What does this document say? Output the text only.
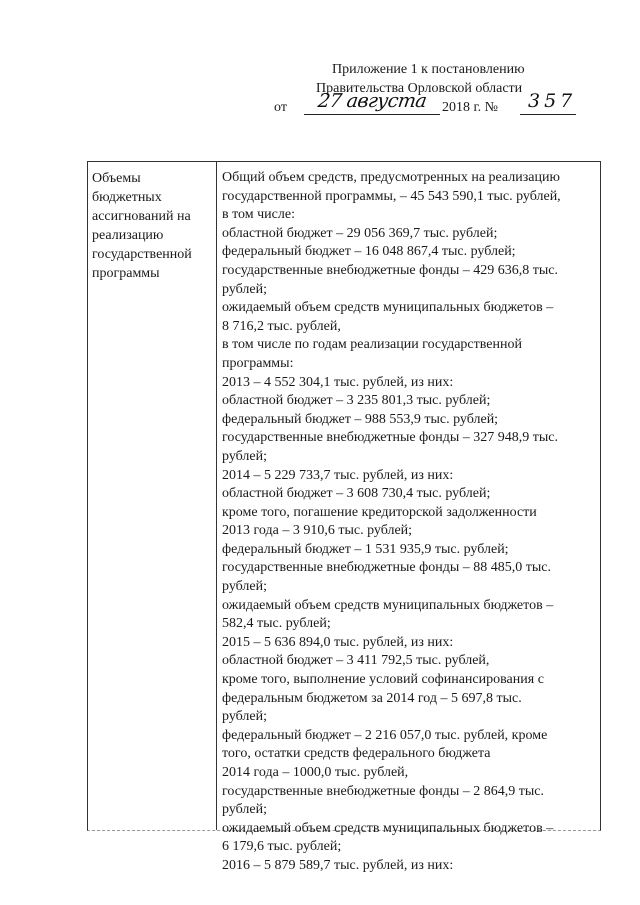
Приложение 1 к постановлению
Правительства Орловской области
от 27 августа 2018 г. № 357
Объемы
бюджетных
ассигнований на
реализацию
государственной
программы
Общий объем средств, предусмотренных на реализацию
государственной программы, – 45 543 590,1 тыс. рублей,
в том числе:
областной бюджет – 29 056 369,7 тыс. рублей;
федеральный бюджет – 16 048 867,4 тыс. рублей;
государственные внебюджетные фонды – 429 636,8 тыс.
рублей;
ожидаемый объем средств муниципальных бюджетов –
8 716,2 тыс. рублей,
в том числе по годам реализации государственной
программы:
2013 – 4 552 304,1 тыс. рублей, из них:
областной бюджет – 3 235 801,3 тыс. рублей;
федеральный бюджет – 988 553,9 тыс. рублей;
государственные внебюджетные фонды – 327 948,9 тыс.
рублей;
2014 – 5 229 733,7 тыс. рублей, из них:
областной бюджет – 3 608 730,4 тыс. рублей;
кроме того, погашение кредиторской задолженности
2013 года – 3 910,6 тыс. рублей;
федеральный бюджет – 1 531 935,9 тыс. рублей;
государственные внебюджетные фонды – 88 485,0 тыс.
рублей;
ожидаемый объем средств муниципальных бюджетов –
582,4 тыс. рублей;
2015 – 5 636 894,0 тыс. рублей, из них:
областной бюджет – 3 411 792,5 тыс. рублей,
кроме того, выполнение условий софинансирования с
федеральным бюджетом за 2014 год – 5 697,8 тыс.
рублей;
федеральный бюджет – 2 216 057,0 тыс. рублей, кроме
того, остатки средств федерального бюджета
2014 года – 1000,0 тыс. рублей,
государственные внебюджетные фонды – 2 864,9 тыс.
рублей;
ожидаемый объем средств муниципальных бюджетов –
6 179,6 тыс. рублей;
2016 – 5 879 589,7 тыс. рублей, из них:
